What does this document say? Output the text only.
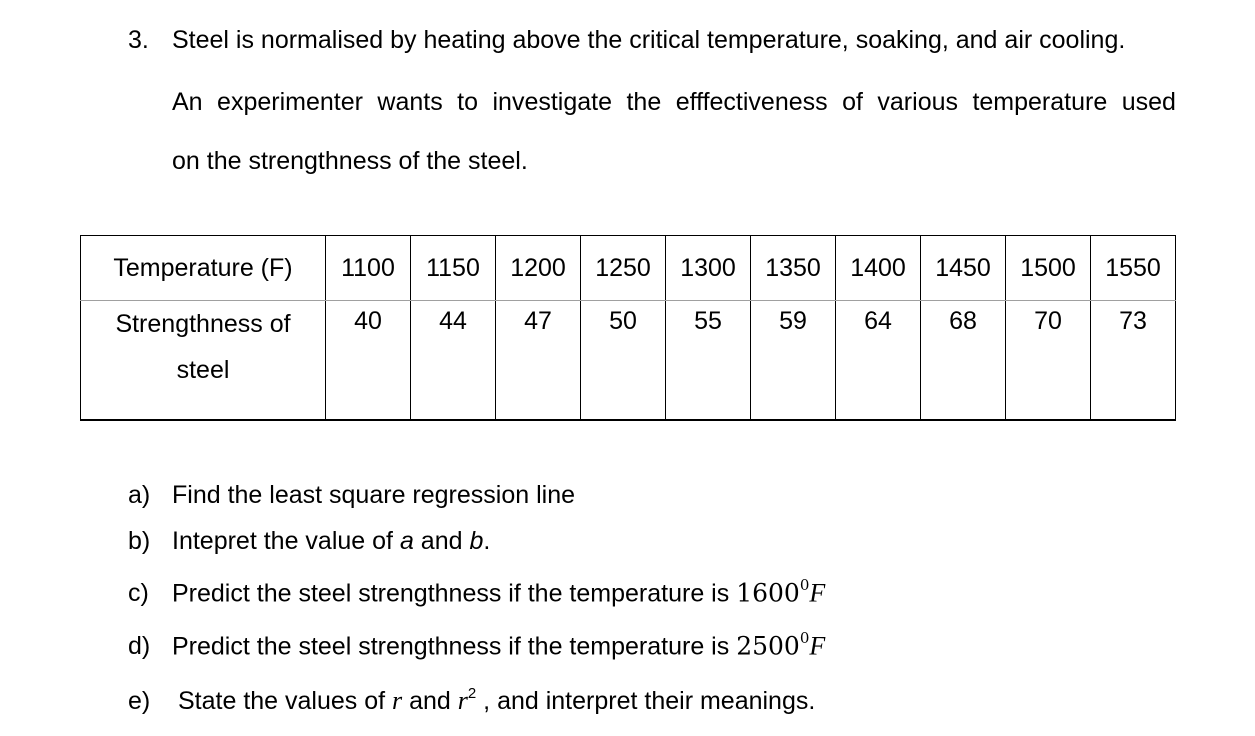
3. Steel is normalised by heating above the critical temperature, soaking, and air cooling.
An experimenter wants to investigate the efffectiveness of various temperature used
on the strengthness of the steel.
Temperature (F)	1100	1150	1200	1250	1300	1350	1400	1450	1500	1550

Strengthness of
steel	40	44	47	50	55	59	64	68	70	73
a) Find the least square regression line
b) Intepret the value of a and b.
c) Predict the steel strengthness if the temperature is 1600$^0$F
d) Predict the steel strengthness if the temperature is 2500$^0$F
e) State the values of r and $r^2$ , and interpret their meanings.
